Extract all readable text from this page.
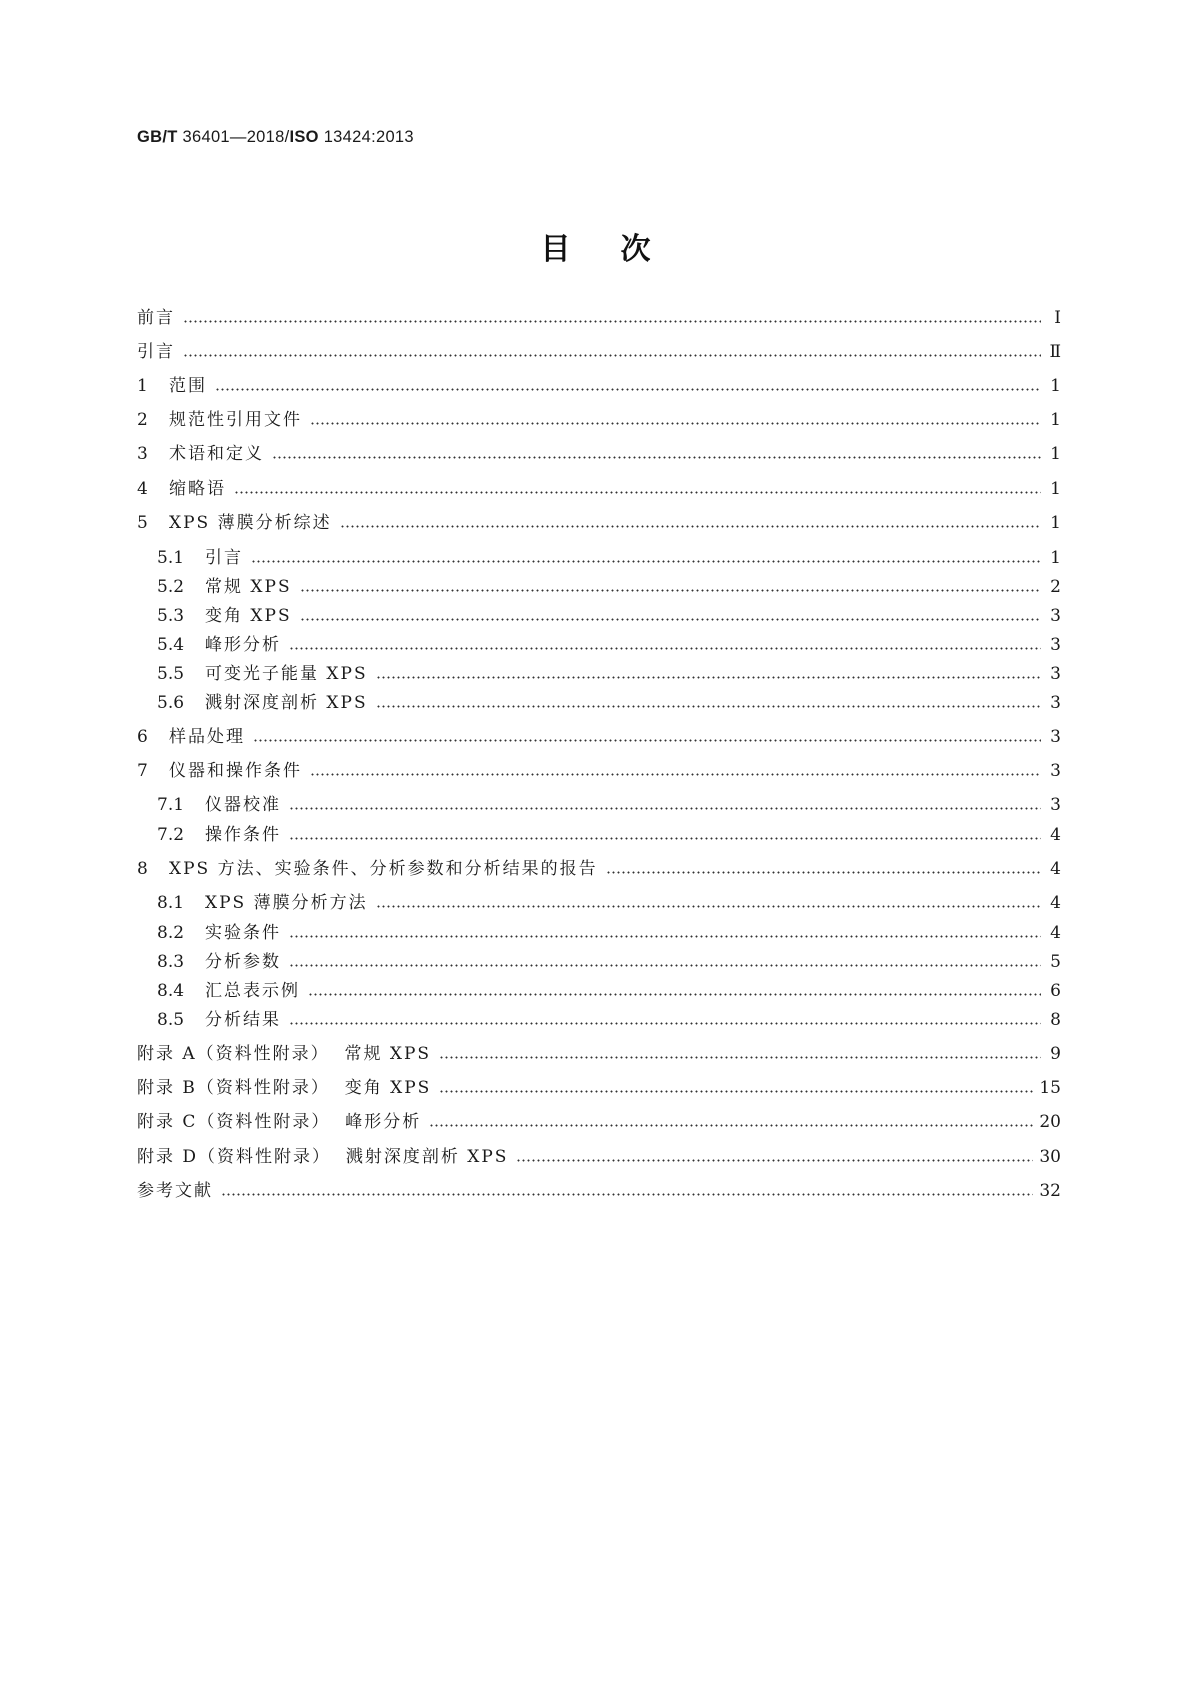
GB/T 36401—2018/ISO 13424:2013
目次
前言	Ⅰ
引言	Ⅱ
1	范围	1
2	规范性引用文件	1
3	术语和定义	1
4	缩略语	1
5	XPS 薄膜分析综述	1
5.1	引言	1
5.2	常规 XPS	2
5.3	变角 XPS	3
5.4	峰形分析	3
5.5	可变光子能量 XPS	3
5.6	溅射深度剖析 XPS	3
6	样品处理	3
7	仪器和操作条件	3
7.1	仪器校准	3
7.2	操作条件	4
8	XPS 方法、实验条件、分析参数和分析结果的报告	4
8.1	XPS 薄膜分析方法	4
8.2	实验条件	4
8.3	分析参数	5
8.4	汇总表示例	6
8.5	分析结果	8
附录 A（资料性附录）  常规 XPS	9
附录 B（资料性附录）  变角 XPS	15
附录 C（资料性附录）  峰形分析	20
附录 D（资料性附录）  溅射深度剖析 XPS	30
参考文献	32
